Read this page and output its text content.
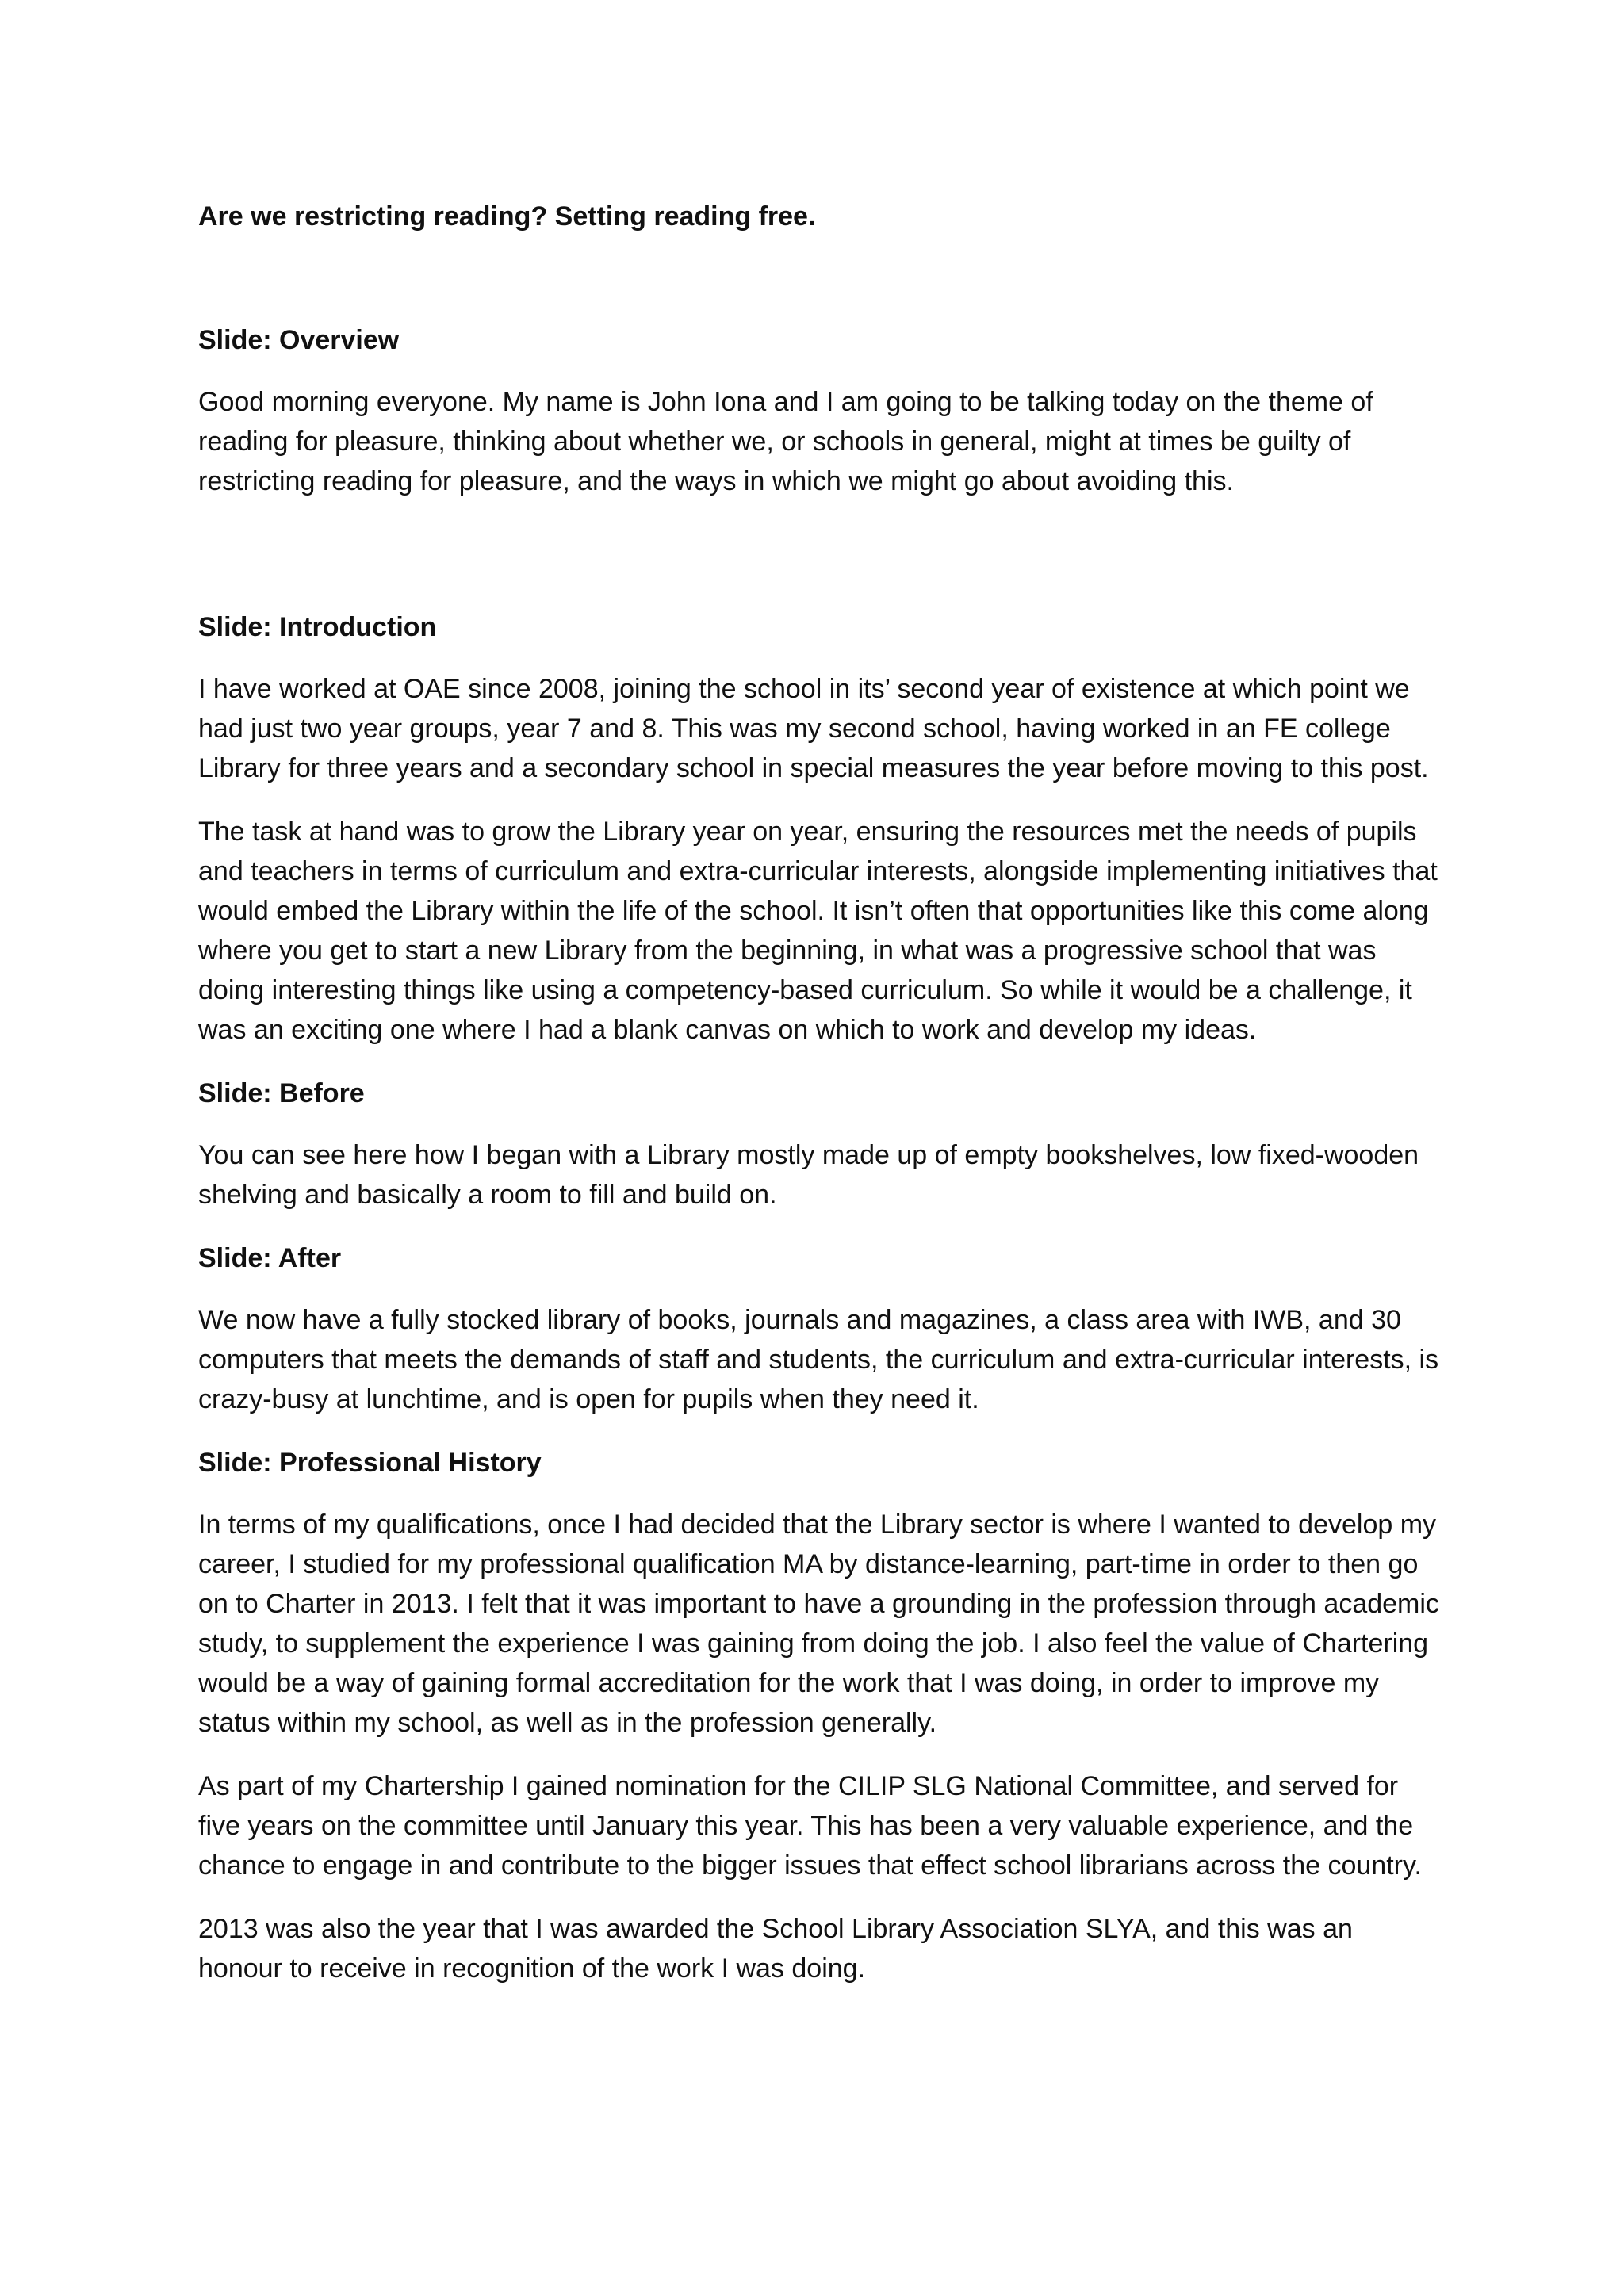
Are we restricting reading? Setting reading free.
Slide: Overview

Good morning everyone. My name is John Iona and I am going to be talking today on the theme of reading for pleasure, thinking about whether we, or schools in general, might at times be guilty of restricting reading for pleasure, and the ways in which we might go about avoiding this.

Slide: Introduction

I have worked at OAE since 2008, joining the school in its’ second year of existence at which point we had just two year groups, year 7 and 8. This was my second school, having worked in an FE college Library for three years and a secondary school in special measures the year before moving to this post.

The task at hand was to grow the Library year on year, ensuring the resources met the needs of pupils and teachers in terms of curriculum and extra-curricular interests, alongside implementing initiatives that would embed the Library within the life of the school. It isn’t often that opportunities like this come along where you get to start a new Library from the beginning, in what was a progressive school that was doing interesting things like using a competency-based curriculum. So while it would be a challenge, it was an exciting one where I had a blank canvas on which to work and develop my ideas.

Slide: Before

You can see here how I began with a Library mostly made up of empty bookshelves, low fixed-wooden shelving and basically a room to fill and build on.

Slide: After

We now have a fully stocked library of books, journals and magazines, a class area with IWB, and 30 computers that meets the demands of staff and students, the curriculum and extra-curricular interests, is crazy-busy at lunchtime, and is open for pupils when they need it.

Slide: Professional History

In terms of my qualifications, once I had decided that the Library sector is where I wanted to develop my career, I studied for my professional qualification MA by distance-learning, part-time in order to then go on to Charter in 2013. I felt that it was important to have a grounding in the profession through academic study, to supplement the experience I was gaining from doing the job. I also feel the value of Chartering would be a way of gaining formal accreditation for the work that I was doing, in order to improve my status within my school, as well as in the profession generally.

As part of my Chartership I gained nomination for the CILIP SLG National Committee, and served for five years on the committee until January this year. This has been a very valuable experience, and the chance to engage in and contribute to the bigger issues that effect school librarians across the country.

2013 was also the year that I was awarded the School Library Association SLYA, and this was an honour to receive in recognition of the work I was doing.
